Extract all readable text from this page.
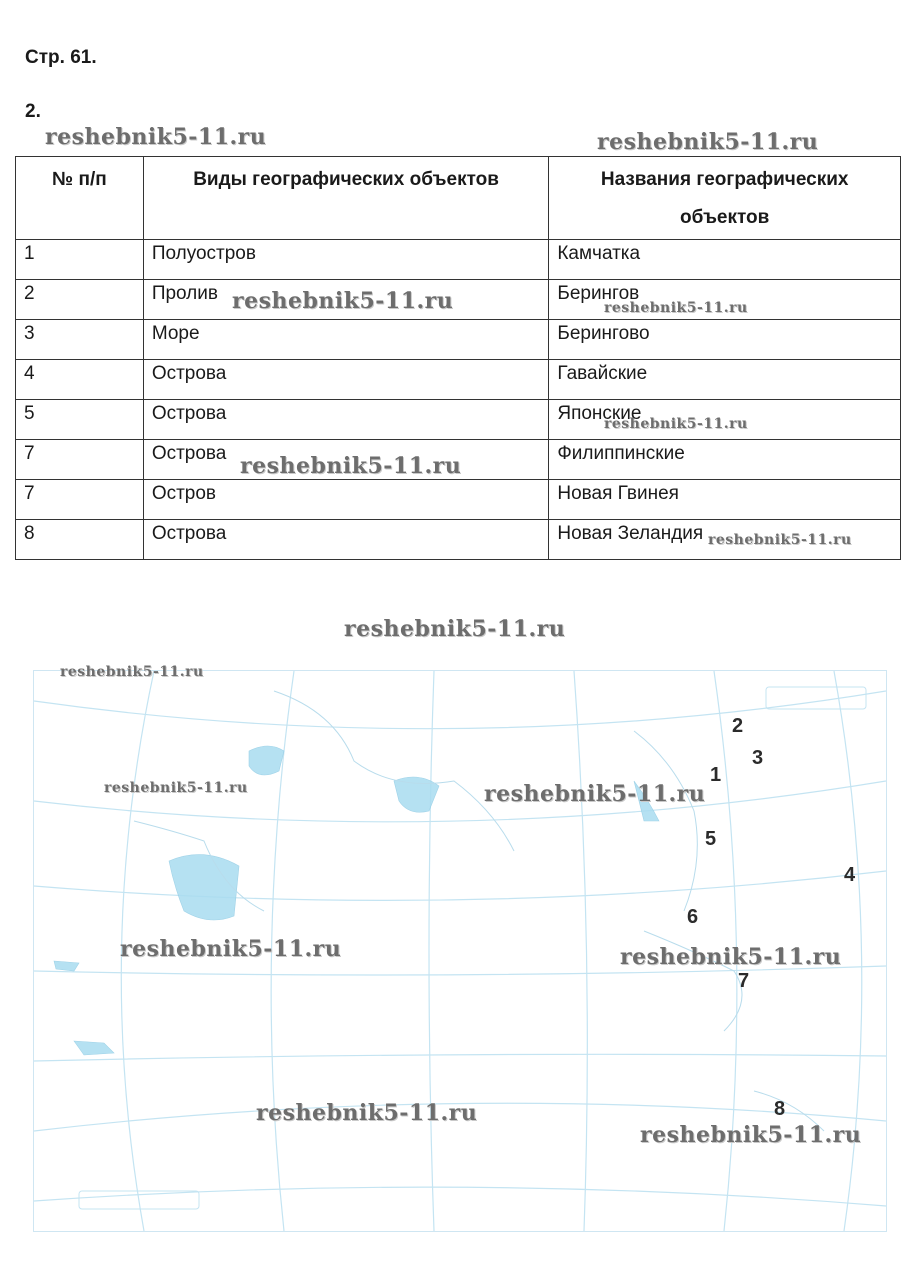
Стр. 61.
2.
№ п/п	Виды географических объектов	Названия географических объектов
1	Полуостров	Камчатка
2	Пролив	Берингов
3	Море	Берингово
4	Острова	Гавайские
5	Острова	Японские
7	Острова	Филиппинские
7	Остров	Новая Гвинея
8	Острова	Новая Зеландия
2
3
1
5
4
6
7
8
reshebnik5-11.ru	reshebnik5-11.ru
reshebnik5-11.ru	reshebnik5-11.ru
reshebnik5-11.ru
reshebnik5-11.ru
reshebnik5-11.ru
reshebnik5-11.ru
reshebnik5-11.ru
reshebnik5-11.ru	reshebnik5-11.ru
reshebnik5-11.ru	reshebnik5-11.ru
reshebnik5-11.ru
reshebnik5-11.ru
